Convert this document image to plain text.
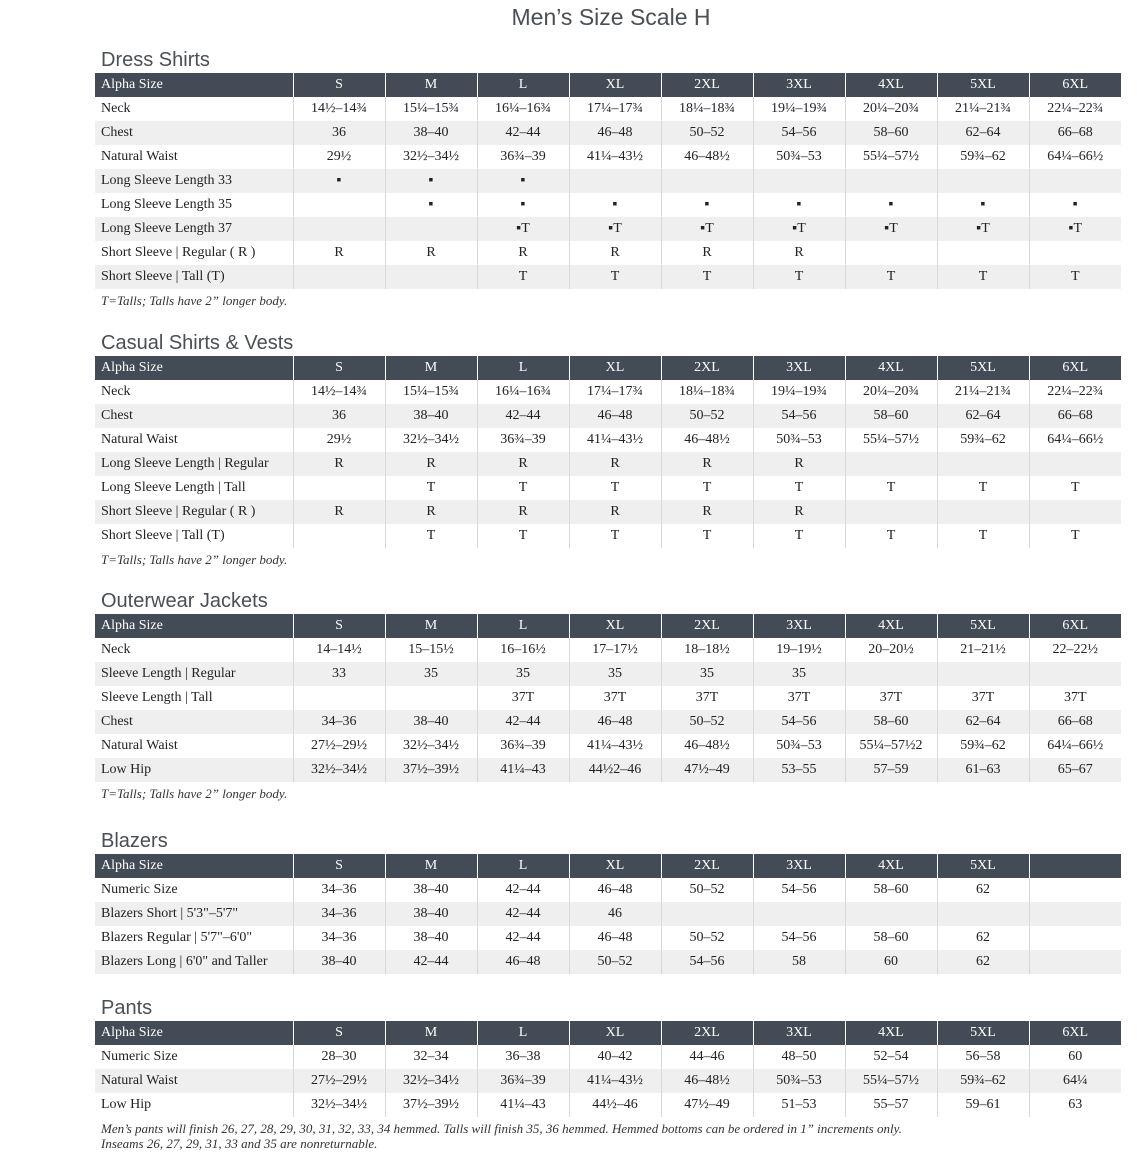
Men’s Size Scale H
Dress Shirts
Alpha Size	S	M	L	XL	2XL	3XL	4XL	5XL	6XL
Neck	14½–14¾	15¼–15¾	16¼–16¾	17¼–17¾	18¼–18¾	19¼–19¾	20¼–20¾	21¼–21¾	22¼–22¾
Chest	36	38–40	42–44	46–48	50–52	54–56	58–60	62–64	66–68
Natural Waist	29½	32½–34½	36¾–39	41¼–43½	46–48½	50¾–53	55¼–57½	59¾–62	64¼–66½
Long Sleeve Length 33	▪	▪	▪						
Long Sleeve Length 35		▪	▪	▪	▪	▪	▪	▪	▪
Long Sleeve Length 37			▪T	▪T	▪T	▪T	▪T	▪T	▪T
Short Sleeve | Regular ( R )	R	R	R	R	R	R			
Short Sleeve | Tall (T)			T	T	T	T	T	T	T
T=Talls; Talls have 2” longer body.
Casual Shirts & Vests
Alpha Size	S	M	L	XL	2XL	3XL	4XL	5XL	6XL
Neck	14½–14¾	15¼–15¾	16¼–16¾	17¼–17¾	18¼–18¾	19¼–19¾	20¼–20¾	21¼–21¾	22¼–22¾
Chest	36	38–40	42–44	46–48	50–52	54–56	58–60	62–64	66–68
Natural Waist	29½	32½–34½	36¾–39	41¼–43½	46–48½	50¾–53	55¼–57½	59¾–62	64¼–66½
Long Sleeve Length | Regular	R	R	R	R	R	R			
Long Sleeve Length | Tall		T	T	T	T	T	T	T	T
Short Sleeve | Regular ( R )	R	R	R	R	R	R			
Short Sleeve | Tall (T)		T	T	T	T	T	T	T	T
T=Talls; Talls have 2” longer body.
Outerwear Jackets
Alpha Size	S	M	L	XL	2XL	3XL	4XL	5XL	6XL
Neck	14–14½	15–15½	16–16½	17–17½	18–18½	19–19½	20–20½	21–21½	22–22½
Sleeve Length | Regular	33	35	35	35	35	35			
Sleeve Length | Tall			37T	37T	37T	37T	37T	37T	37T
Chest	34–36	38–40	42–44	46–48	50–52	54–56	58–60	62–64	66–68
Natural Waist	27½–29½	32½–34½	36¾–39	41¼–43½	46–48½	50¾–53	55¼–57½2	59¾–62	64¼–66½
Low Hip	32½–34½	37½–39½	41¼–43	44½2–46	47½–49	53–55	57–59	61–63	65–67
T=Talls; Talls have 2” longer body.
Blazers
Alpha Size	S	M	L	XL	2XL	3XL	4XL	5XL	
Numeric Size	34–36	38–40	42–44	46–48	50–52	54–56	58–60	62	
Blazers Short | 5'3"–5'7"	34–36	38–40	42–44	46					
Blazers Regular | 5'7"–6'0"	34–36	38–40	42–44	46–48	50–52	54–56	58–60	62	
Blazers Long | 6'0" and Taller	38–40	42–44	46–48	50–52	54–56	58	60	62	
Pants
Alpha Size	S	M	L	XL	2XL	3XL	4XL	5XL	6XL
Numeric Size	28–30	32–34	36–38	40–42	44–46	48–50	52–54	56–58	60
Natural Waist	27½–29½	32½–34½	36¾–39	41¼–43½	46–48½	50¾–53	55¼–57½	59¾–62	64¼
Low Hip	32½–34½	37½–39½	41¼–43	44½–46	47½–49	51–53	55–57	59–61	63
Men’s pants will finish 26, 27, 28, 29, 30, 31, 32, 33, 34 hemmed. Talls will finish 35, 36 hemmed. Hemmed bottoms can be ordered in 1” increments only.
Inseams 26, 27, 29, 31, 33 and 35 are nonreturnable.
